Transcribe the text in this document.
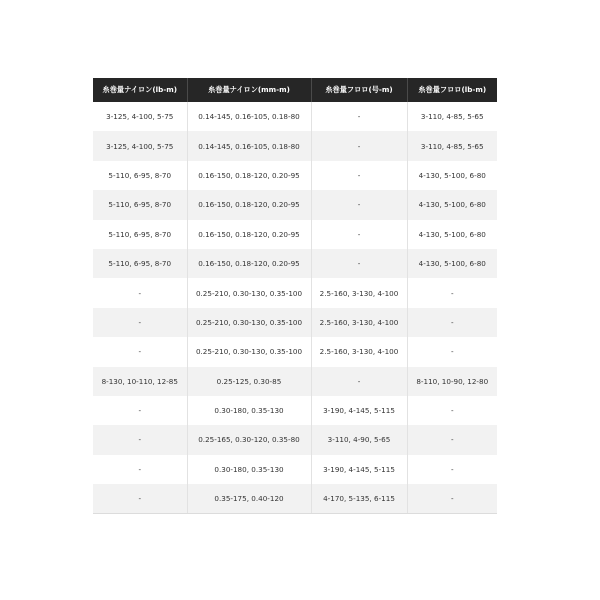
糸巻量ナイロン(lb-m)	糸巻量ナイロン(mm-m)	糸巻量フロロ(号-m)	糸巻量フロロ(lb-m)
3-125, 4-100, 5-75	0.14-145, 0.16-105, 0.18-80	-	3-110, 4-85, 5-65
3-125, 4-100, 5-75	0.14-145, 0.16-105, 0.18-80	-	3-110, 4-85, 5-65
5-110, 6-95, 8-70	0.16-150, 0.18-120, 0.20-95	-	4-130, 5-100, 6-80
5-110, 6-95, 8-70	0.16-150, 0.18-120, 0.20-95	-	4-130, 5-100, 6-80
5-110, 6-95, 8-70	0.16-150, 0.18-120, 0.20-95	-	4-130, 5-100, 6-80
5-110, 6-95, 8-70	0.16-150, 0.18-120, 0.20-95	-	4-130, 5-100, 6-80
-	0.25-210, 0.30-130, 0.35-100	2.5-160, 3-130, 4-100	-
-	0.25-210, 0.30-130, 0.35-100	2.5-160, 3-130, 4-100	-
-	0.25-210, 0.30-130, 0.35-100	2.5-160, 3-130, 4-100	-
8-130, 10-110, 12-85	0.25-125, 0.30-85	-	8-110, 10-90, 12-80
-	0.30-180, 0.35-130	3-190, 4-145, 5-115	-
-	0.25-165, 0.30-120, 0.35-80	3-110, 4-90, 5-65	-
-	0.30-180, 0.35-130	3-190, 4-145, 5-115	-
-	0.35-175, 0.40-120	4-170, 5-135, 6-115	-
